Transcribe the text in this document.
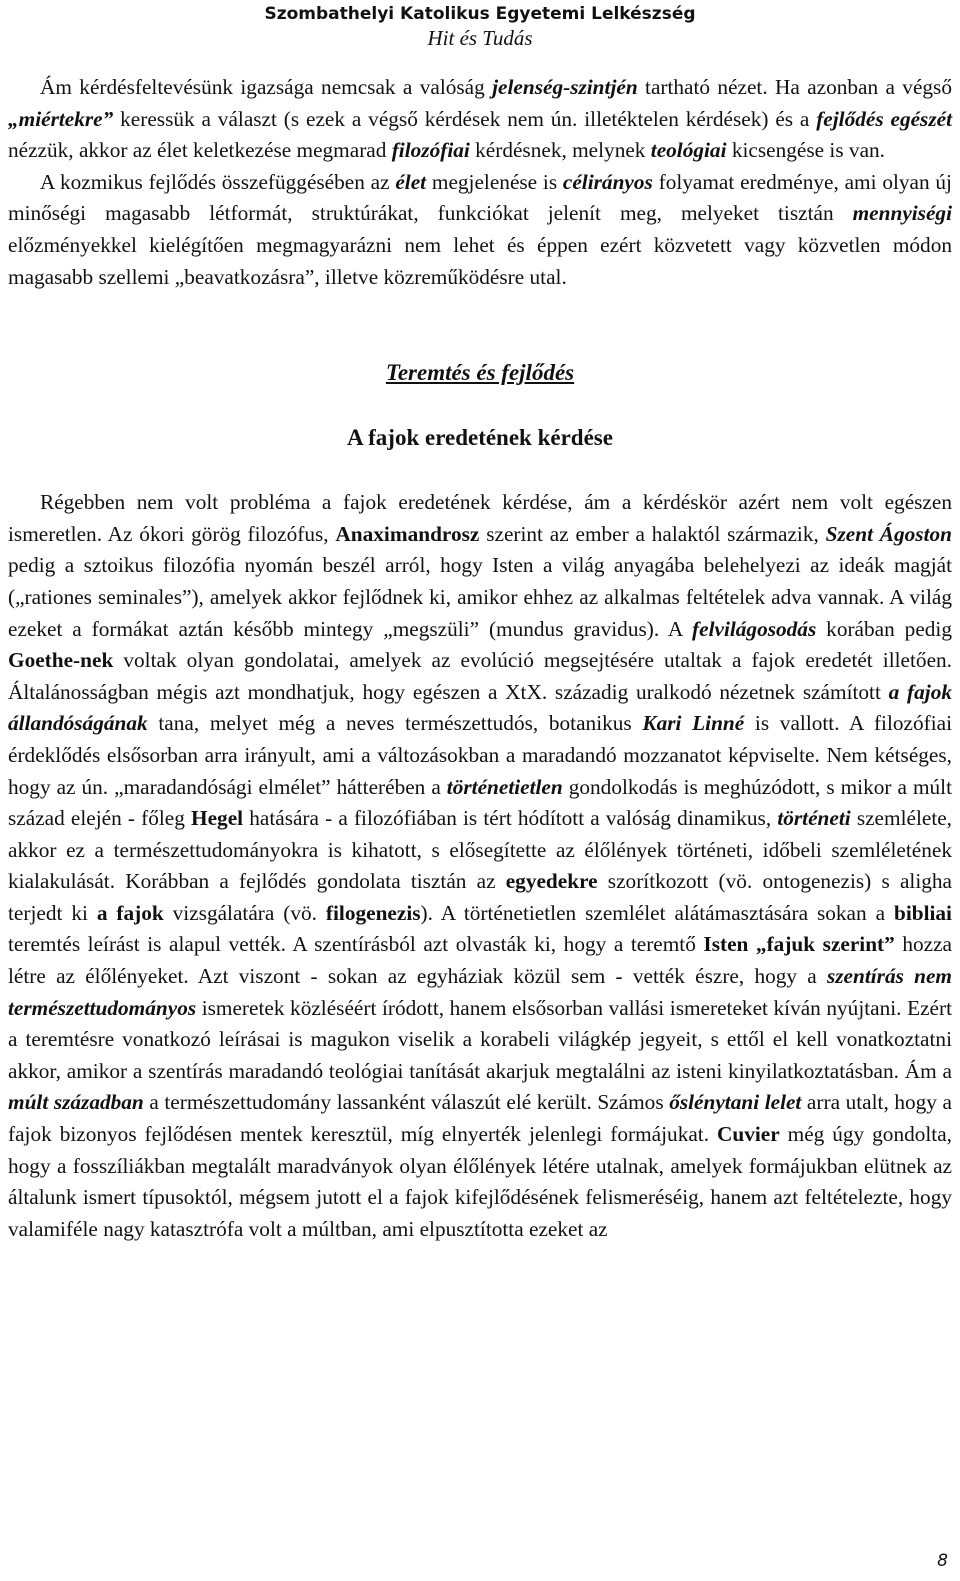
Szombathelyi Katolikus Egyetemi Lelkészség
Hit és Tudás

Ám kérdésfeltevésünk igazsága nemcsak a valóság jelenség-szintjén tartható nézet. Ha azonban a végső „miértekre” keressük a választ (s ezek a végső kérdések nem ún. illetéktelen kérdések) és a fejlődés egészét nézzük, akkor az élet keletkezése megmarad filozófiai kérdésnek, melynek teológiai kicsengése is van.

A kozmikus fejlődés összefüggésében az élet megjelenése is célirányos folyamat eredménye, ami olyan új minőségi magasabb létformát, struktúrákat, funkciókat jelenít meg, melyeket tisztán mennyiségi előzményekkel kielégítően megmagyarázni nem lehet és éppen ezért közvetett vagy közvetlen módon magasabb szellemi „beavatkozásra”, illetve közreműködésre utal.

Teremtés és fejlődés
A fajok eredetének kérdése

Régebben nem volt probléma a fajok eredetének kérdése, ám a kérdéskör azért nem volt egészen ismeretlen. Az ókori görög filozófus, Anaximandrosz szerint az ember a halaktól származik, Szent Ágoston pedig a sztoikus filozófia nyomán beszél arról, hogy Isten a világ anyagába belehelyezi az ideák magját („rationes seminales”), amelyek akkor fejlődnek ki, amikor ehhez az alkalmas feltételek adva vannak. A világ ezeket a formákat aztán később mintegy „megszüli” (mundus gravidus). A felvilágosodás korában pedig Goethe-nek voltak olyan gondolatai, amelyek az evolúció megsejtésére utaltak a fajok eredetét illetően. Általánosságban mégis azt mondhatjuk, hogy egészen a XtX. századig uralkodó nézetnek számított a fajok állandóságának tana, melyet még a neves természettudós, botanikus Kari Linné is vallott. A filozófiai érdeklődés elsősorban arra irányult, ami a változásokban a maradandó mozzanatot képviselte. Nem kétséges, hogy az ún. „maradandósági elmélet” hátterében a történetietlen gondolkodás is meghúzódott, s mikor a múlt század elején - főleg Hegel hatására - a filozófiában is tért hódított a valóság dinamikus, történeti szemlélete, akkor ez a természettudományokra is kihatott, s elősegítette az élőlények történeti, időbeli szemléletének kialakulását. Korábban a fejlődés gondolata tisztán az egyedekre szorítkozott (vö. ontogenezis) s aligha terjedt ki a fajok vizsgálatára (vö. filogenezis). A történetietlen szemlélet alátámasztására sokan a bibliai teremtés leírást is alapul vették. A szentírásból azt olvasták ki, hogy a teremtő Isten „fajuk szerint” hozza létre az élőlényeket. Azt viszont - sokan az egyháziak közül sem - vették észre, hogy a szentírás nem természettudományos ismeretek közléséért íródott, hanem elsősorban vallási ismereteket kíván nyújtani. Ezért a teremtésre vonatkozó leírásai is magukon viselik a korabeli világkép jegyeit, s ettől el kell vonatkoztatni akkor, amikor a szentírás maradandó teológiai tanítását akarjuk megtalálni az isteni kinyilatkoztatásban. Ám a múlt században a természettudomány lassanként válaszút elé került. Számos őslénytani lelet arra utalt, hogy a fajok bizonyos fejlődésen mentek keresztül, míg elnyerték jelenlegi formájukat. Cuvier még úgy gondolta, hogy a fosszíliákban megtalált maradványok olyan élőlények létére utalnak, amelyek formájukban elütnek az általunk ismert típusoktól, mégsem jutott el a fajok kifejlődésének felismeréséig, hanem azt feltételezte, hogy valamiféle nagy katasztrófa volt a múltban, ami elpusztította ezeket az

8
